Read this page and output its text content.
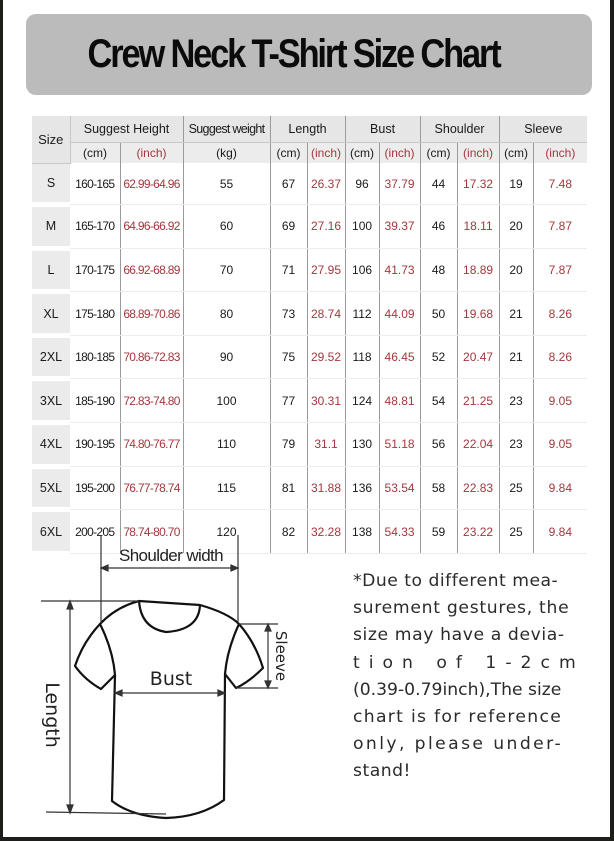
Crew Neck T-Shirt Size Chart
Size	Suggest Height		Suggest weight	Length		Bust		Shoulder		Sleeve	
	(cm)	(inch)	(kg)	(cm)	(inch)	(cm)	(inch)	(cm)	(inch)	(cm)	(inch)
S	160-165	62.99-64.96	55	67	26.37	96	37.79	44	17.32	19	7.48
M	165-170	64.96-66.92	60	69	27.16	100	39.37	46	18.11	20	7.87
L	170-175	66.92-68.89	70	71	27.95	106	41.73	48	18.89	20	7.87
XL	175-180	68.89-70.86	80	73	28.74	112	44.09	50	19.68	21	8.26
2XL	180-185	70.86-72.83	90	75	29.52	118	46.45	52	20.47	21	8.26
3XL	185-190	72.83-74.80	100	77	30.31	124	48.81	54	21.25	23	9.05
4XL	190-195	74.80-76.77	110	79	31.1	130	51.18	56	22.04	23	9.05
5XL	195-200	76.77-78.74	115	81	31.88	136	53.54	58	22.83	25	9.84
6XL	200-205	78.74-80.70	120	82	32.28	138	54.33	59	23.22	25	9.84
Shoulder width
Bust	Sleeve
Length
*Due to different mea-
surement gestures, the
size may have a devia-
tion of 1-2cm
(0.39-0.79inch),The size
chart is for reference
only, please under-
stand!
